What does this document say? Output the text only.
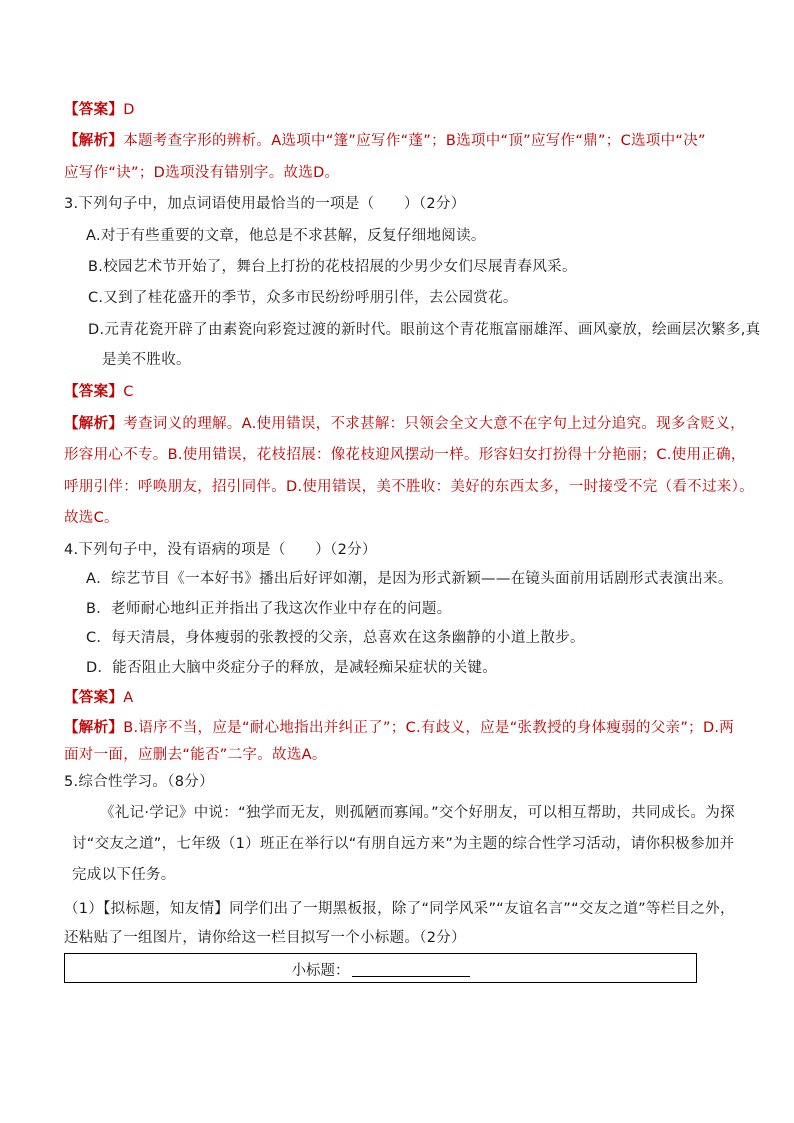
【答案】D
【解析】本题考查字形的辨析。A选项中“篷”应写作“蓬”；B选项中“顶”应写作“鼎”；C选项中“决”
应写作“诀”；D选项没有错别字。故选D。
3.下列句子中，加点词语使用最恰当的一项是（　　）（2分）
A.对于有些重要的文章，他总是不求甚解，反复仔细地阅读。
B.校园艺术节开始了，舞台上打扮的花枝招展的少男少女们尽展青春风采。
C.又到了桂花盛开的季节，众多市民纷纷呼朋引伴，去公园赏花。
D.元青花瓷开辟了由素瓷向彩瓷过渡的新时代。眼前这个青花瓶富丽雄浑、画风豪放，绘画层次繁多,真
是美不胜收。
【答案】C
【解析】考查词义的理解。A.使用错误，不求甚解：只领会全文大意不在字句上过分追究。现多含贬义，
形容用心不专。B.使用错误，花枝招展：像花枝迎风摆动一样。形容妇女打扮得十分艳丽；C.使用正确，
呼朋引伴：呼唤朋友，招引同伴。D.使用错误，美不胜收：美好的东西太多，一时接受不完（看不过来）。
故选C。
4.下列句子中，没有语病的项是（　　）（2分）
A．综艺节目《一本好书》播出后好评如潮，是因为形式新颖——在镜头面前用话剧形式表演出来。
B．老师耐心地纠正并指出了我这次作业中存在的问题。
C．每天清晨，身体瘦弱的张教授的父亲，总喜欢在这条幽静的小道上散步。
D．能否阻止大脑中炎症分子的释放，是减轻痴呆症状的关键。
【答案】A
【解析】B.语序不当，应是“耐心地指出并纠正了”；C.有歧义，应是“张教授的身体瘦弱的父亲”；D.两
面对一面，应删去“能否”二字。故选A。
5.综合性学习。（8分）
《礼记·学记》中说：“独学而无友，则孤陋而寡闻。”交个好朋友，可以相互帮助，共同成长。为探
讨“交友之道”，七年级（1）班正在举行以“有朋自远方来”为主题的综合性学习活动，请你积极参加并
完成以下任务。
（1）【拟标题，知友情】同学们出了一期黑板报，除了“同学风采”“友谊名言”“交友之道”等栏目之外，
还粘贴了一组图片，请你给这一栏目拟写一个小标题。（2分）
小标题：
